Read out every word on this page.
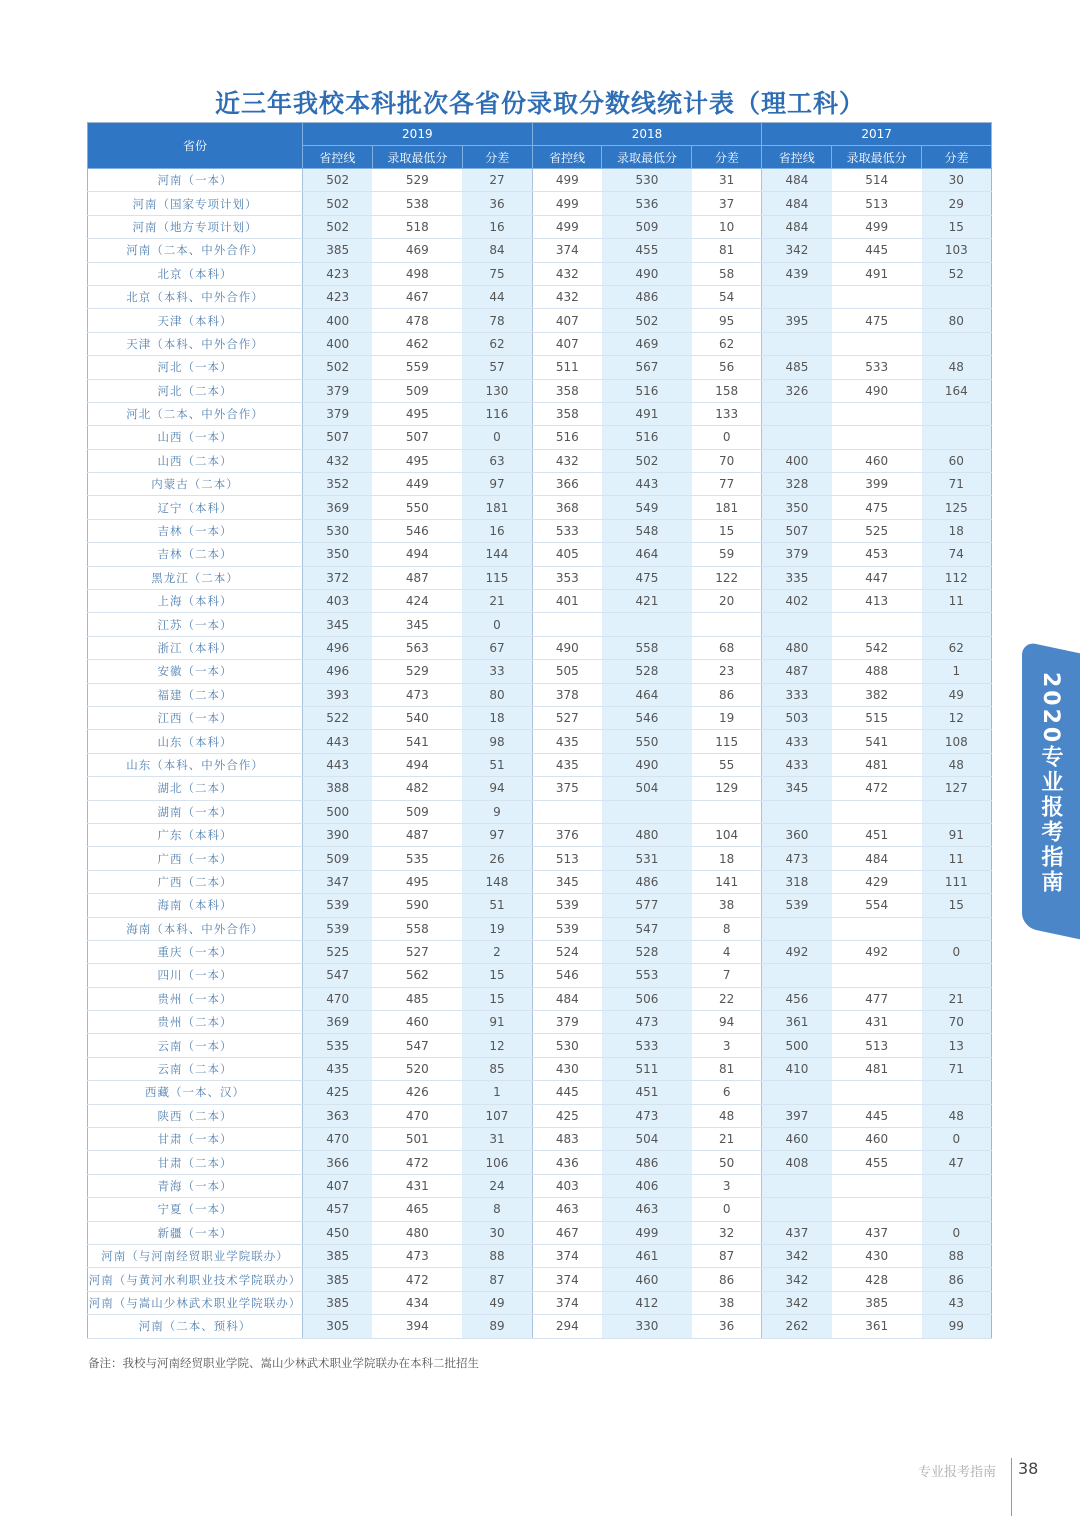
近三年我校本科批次各省份录取分数线统计表（理工科）
省份	2019			2018			2017		
	省控线	录取最低分	分差	省控线	录取最低分	分差	省控线	录取最低分	分差
河南（一本）	502	529	27	499	530	31	484	514	30
河南（国家专项计划）	502	538	36	499	536	37	484	513	29
河南（地方专项计划）	502	518	16	499	509	10	484	499	15
河南（二本、中外合作）	385	469	84	374	455	81	342	445	103
北京（本科）	423	498	75	432	490	58	439	491	52
北京（本科、中外合作）	423	467	44	432	486	54			
天津（本科）	400	478	78	407	502	95	395	475	80
天津（本科、中外合作）	400	462	62	407	469	62			
河北（一本）	502	559	57	511	567	56	485	533	48
河北（二本）	379	509	130	358	516	158	326	490	164
河北（二本、中外合作）	379	495	116	358	491	133			
山西（一本）	507	507	0	516	516	0			
山西（二本）	432	495	63	432	502	70	400	460	60
内蒙古（二本）	352	449	97	366	443	77	328	399	71
辽宁（本科）	369	550	181	368	549	181	350	475	125
吉林（一本）	530	546	16	533	548	15	507	525	18
吉林（二本）	350	494	144	405	464	59	379	453	74
黑龙江（二本）	372	487	115	353	475	122	335	447	112
上海（本科）	403	424	21	401	421	20	402	413	11
江苏（一本）	345	345	0						
浙江（本科）	496	563	67	490	558	68	480	542	62
安徽（一本）	496	529	33	505	528	23	487	488	1
福建（二本）	393	473	80	378	464	86	333	382	49
江西（一本）	522	540	18	527	546	19	503	515	12
山东（本科）	443	541	98	435	550	115	433	541	108
山东（本科、中外合作）	443	494	51	435	490	55	433	481	48
湖北（二本）	388	482	94	375	504	129	345	472	127
湖南（一本）	500	509	9						
广东（本科）	390	487	97	376	480	104	360	451	91
广西（一本）	509	535	26	513	531	18	473	484	11
广西（二本）	347	495	148	345	486	141	318	429	111
海南（本科）	539	590	51	539	577	38	539	554	15
海南（本科、中外合作）	539	558	19	539	547	8			
重庆（一本）	525	527	2	524	528	4	492	492	0
四川（一本）	547	562	15	546	553	7			
贵州（一本）	470	485	15	484	506	22	456	477	21
贵州（二本）	369	460	91	379	473	94	361	431	70
云南（一本）	535	547	12	530	533	3	500	513	13
云南（二本）	435	520	85	430	511	81	410	481	71
西藏（一本、汉）	425	426	1	445	451	6			
陕西（二本）	363	470	107	425	473	48	397	445	48
甘肃（一本）	470	501	31	483	504	21	460	460	0
甘肃（二本）	366	472	106	436	486	50	408	455	47
青海（一本）	407	431	24	403	406	3			
宁夏（一本）	457	465	8	463	463	0			
新疆（一本）	450	480	30	467	499	32	437	437	0
河南（与河南经贸职业学院联办）	385	473	88	374	461	87	342	430	88
河南（与黄河水利职业技术学院联办）	385	472	87	374	460	86	342	428	86
河南（与嵩山少林武术职业学院联办）	385	434	49	374	412	38	342	385	43
河南（二本、预科）	305	394	89	294	330	36	262	361	99
备注：我校与河南经贸职业学院、嵩山少林武术职业学院联办在本科二批招生
2020专业报考指南
专业报考指南 38
